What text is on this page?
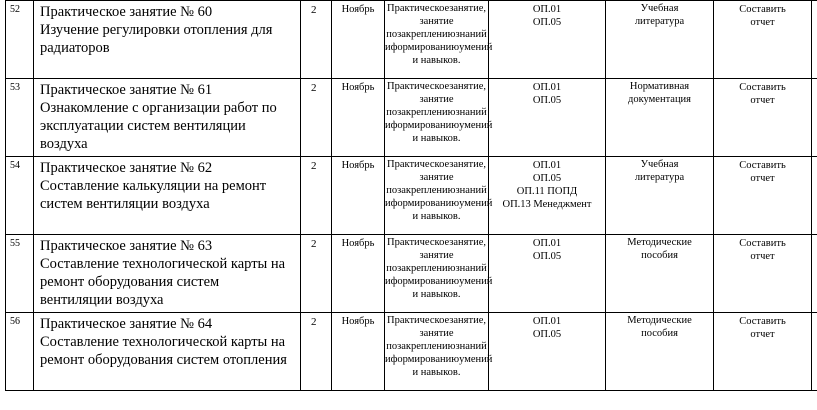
52	Практическое занятие № 60
Изучение регулировки отопления для
радиаторов	2	Ноябрь	Практическоезанятие, занятие позакреплениюзнаний иформированиюумений и навыков.	ОП.01
ОП.05	Учебная
литература	Составить
отчет	

53	Практическое занятие № 61
Ознакомление с организации работ по
эксплуатации систем вентиляции
воздуха	2	Ноябрь	Практическоезанятие, занятие позакреплениюзнаний иформированиюумений и навыков.	ОП.01
ОП.05	Нормативная
документация	Составить
отчет	

54	Практическое занятие № 62
Составление калькуляции на ремонт
систем вентиляции воздуха	2	Ноябрь	Практическоезанятие, занятие позакреплениюзнаний иформированиюумений и навыков.	ОП.01
ОП.05
ОП.11 ПОПД
ОП.13 Менеджмент	Учебная
литература	Составить
отчет	

55	Практическое занятие № 63
Составление технологической карты на
ремонт оборудования систем
вентиляции воздуха	2	Ноябрь	Практическоезанятие, занятие позакреплениюзнаний иформированиюумений и навыков.	ОП.01
ОП.05	Методические
пособия	Составить
отчет	

56	Практическое занятие № 64
Составление технологической карты на
ремонт оборудования систем отопления	2	Ноябрь	Практическоезанятие, занятие позакреплениюзнаний иформированиюумений и навыков.	ОП.01
ОП.05	Методические
пособия	Составить
отчет	
